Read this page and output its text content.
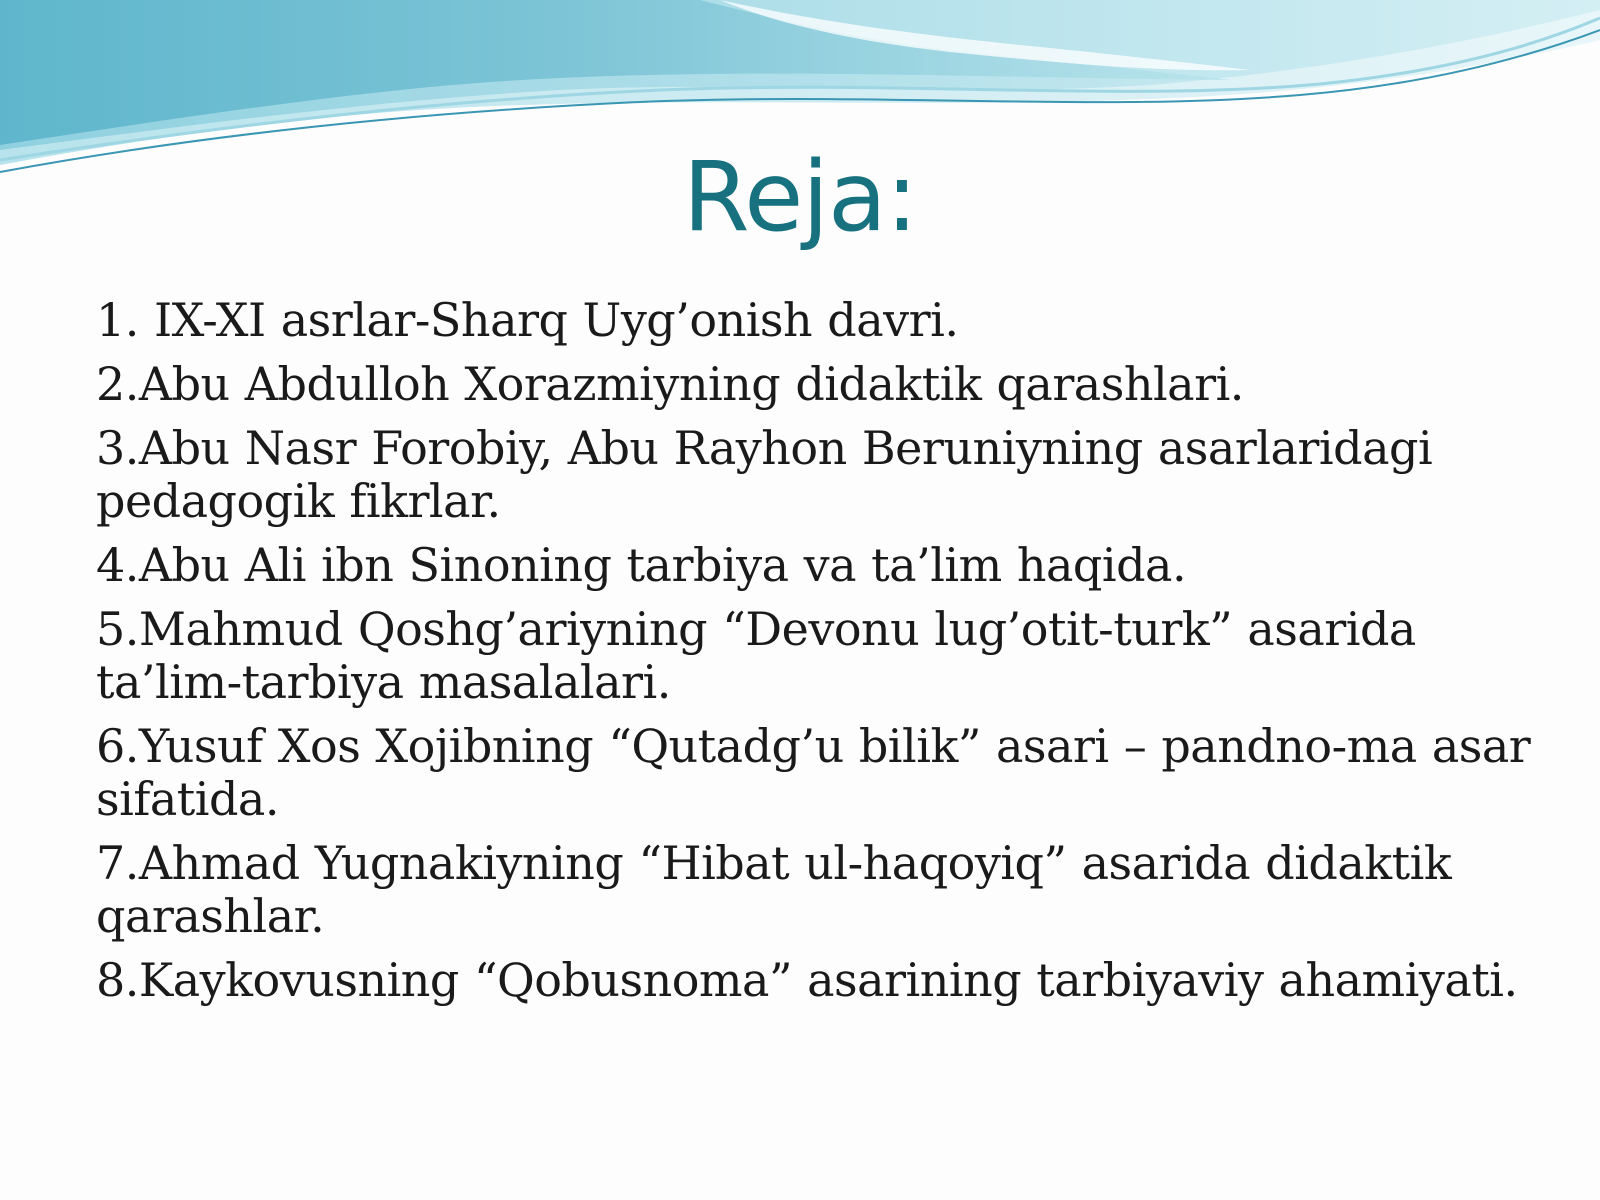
Reja:
1. IX-XI asrlar-Sharq Uyg’onish davri.
2.Abu Abdulloh Xorazmiyning didaktik qarashlari.
3.Abu Nasr Forobiy, Abu Rayhon Beruniyning asarlaridagi pedagogik fikrlar.
4.Abu Ali ibn Sinoning tarbiya va ta’lim haqida.
5.Mahmud Qoshg’ariyning “Devonu lug’otit-turk” asarida ta’lim-tarbiya masalalari.
6.Yusuf Xos Xojibning “Qutadg’u bilik” asari – pandno-ma asar sifatida.
7.Ahmad Yugnakiyning “Hibat ul-haqoyiq” asarida didaktik qarashlar.
8.Kaykovusning “Qobusnoma” asarining tarbiyaviy ahamiyati.
